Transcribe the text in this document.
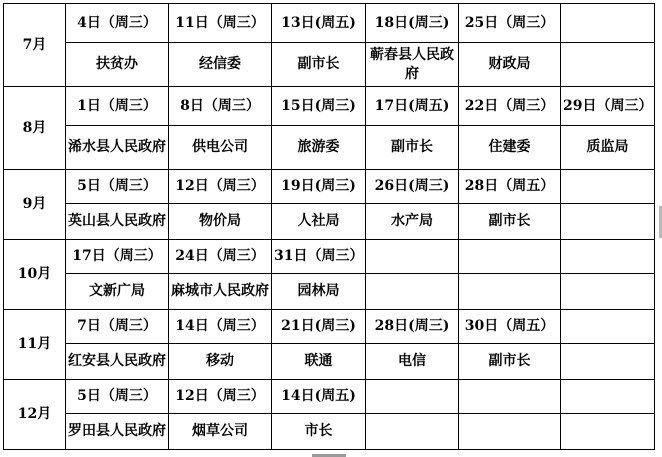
7月	4日（周三）	11日（周三）	13日(周五)	18日(周三)	25日（周三）	
	扶贫办	经信委	副市长	蕲春县人民政府	财政局	
8月	1日（周三）	8日（周三）	15日(周三)	17日(周五)	22日（周三）	29日（周三）
	浠水县人民政府	供电公司	旅游委	副市长	住建委	质监局
9月	5日（周三）	12日（周三）	19日(周三)	26日(周三)	28日（周五）	
	英山县人民政府	物价局	人社局	水产局	副市长	
10月	17日（周三）	24日（周三）	31日（周三）			
	文新广局	麻城市人民政府	园林局			
11月	7日（周三）	14日（周三）	21日(周三)	28日(周三)	30日（周五）	
	红安县人民政府	移动	联通	电信	副市长	
12月	5日（周三）	12日（周三）	14日(周五)			
	罗田县人民政府	烟草公司	市长			
